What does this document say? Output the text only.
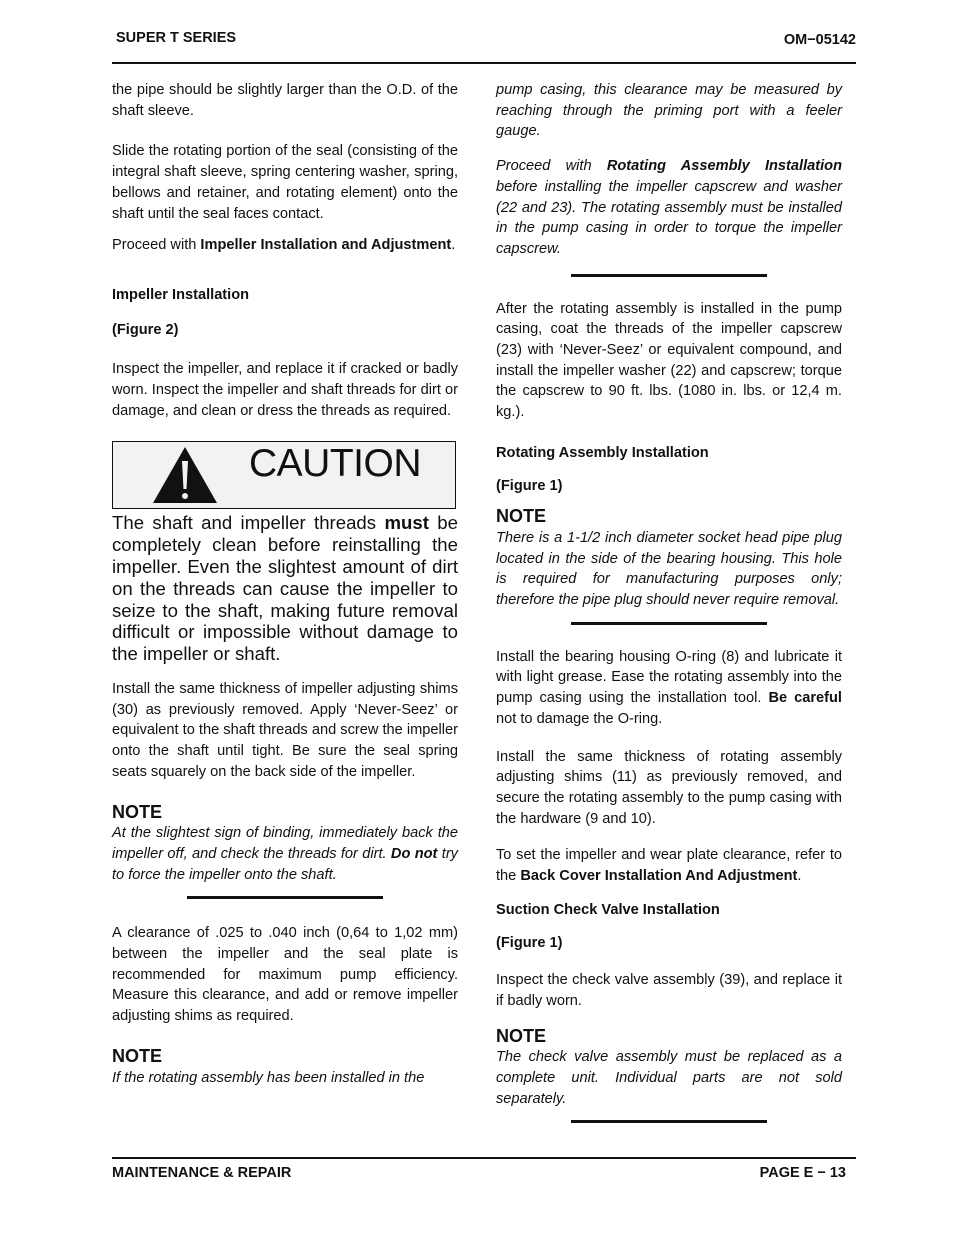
SUPER T SERIES	OM−05142

the pipe should be slightly larger than the O.D. of the shaft sleeve.

Slide the rotating portion of the seal (consisting of the integral shaft sleeve, spring centering washer, spring, bellows and retainer, and rotating element) onto the shaft until the seal faces contact.

Proceed with Impeller Installation and Adjustment.

Impeller Installation

(Figure 2)

Inspect the impeller, and replace it if cracked or badly worn. Inspect the impeller and shaft threads for dirt or damage, and clean or dress the threads as required.

CAUTION

The shaft and impeller threads must be completely clean before reinstalling the impeller. Even the slightest amount of dirt on the threads can cause the impeller to seize to the shaft, making future removal difficult or impossible without damage to the impeller or shaft.

Install the same thickness of impeller adjusting shims (30) as previously removed. Apply ‘Never-Seez’ or equivalent to the shaft threads and screw the impeller onto the shaft until tight. Be sure the seal spring seats squarely on the back side of the impeller.

NOTE

At the slightest sign of binding, immediately back the impeller off, and check the threads for dirt. Do not try to force the impeller onto the shaft.

A clearance of .025 to .040 inch (0,64 to 1,02 mm) between the impeller and the seal plate is recommended for maximum pump efficiency. Measure this clearance, and add or remove impeller adjusting shims as required.

NOTE

If the rotating assembly has been installed in the

pump casing, this clearance may be measured by reaching through the priming port with a feeler gauge.

Proceed with Rotating Assembly Installation before installing the impeller capscrew and washer (22 and 23). The rotating assembly must be installed in the pump casing in order to torque the impeller capscrew.

After the rotating assembly is installed in the pump casing, coat the threads of the impeller capscrew (23) with ‘Never-Seez’ or equivalent compound, and install the impeller washer (22) and capscrew; torque the capscrew to 90 ft. lbs. (1080 in. lbs. or 12,4 m. kg.).

Rotating Assembly Installation

(Figure 1)

NOTE

There is a 1-1/2 inch diameter socket head pipe plug located in the side of the bearing housing. This hole is required for manufacturing purposes only; therefore the pipe plug should never require removal.

Install the bearing housing O-ring (8) and lubricate it with light grease. Ease the rotating assembly into the pump casing using the installation tool. Be careful not to damage the O-ring.

Install the same thickness of rotating assembly adjusting shims (11) as previously removed, and secure the rotating assembly to the pump casing with the hardware (9 and 10).

To set the impeller and wear plate clearance, refer to the Back Cover Installation And Adjustment.

Suction Check Valve Installation

(Figure 1)

Inspect the check valve assembly (39), and replace it if badly worn.

NOTE

The check valve assembly must be replaced as a complete unit. Individual parts are not sold separately.

MAINTENANCE & REPAIR	PAGE E − 13
